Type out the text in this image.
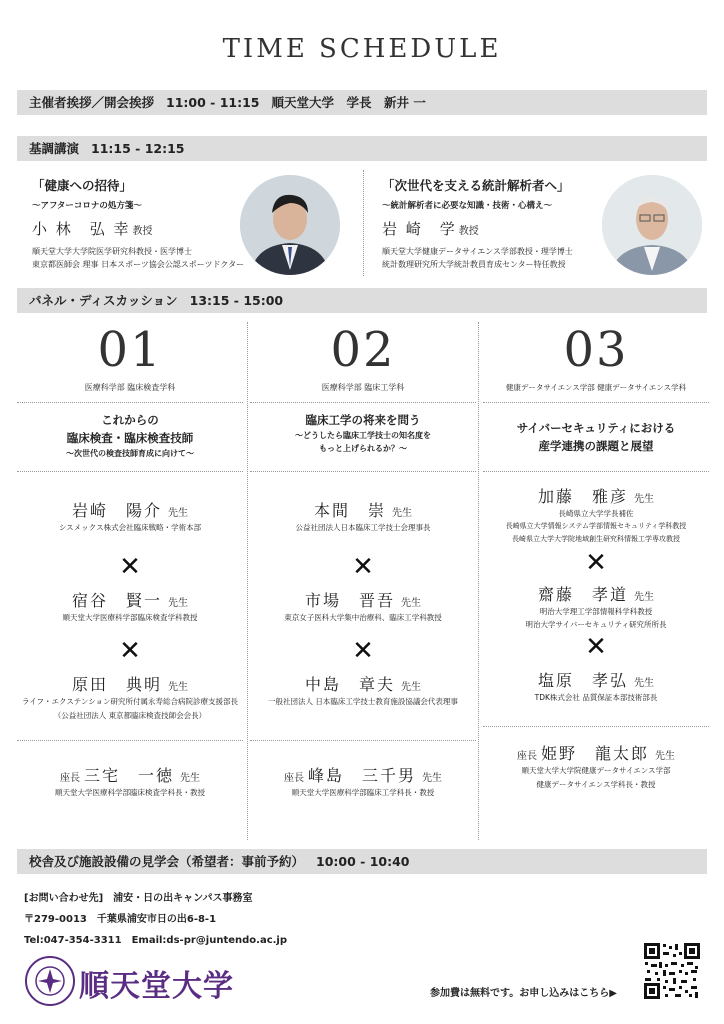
TIME SCHEDULE
主催者挨拶／開会挨拶 11:00 - 11:15 順天堂大学　学長　新井 一
基調講演 11:15 - 12:15
「健康への招待」
〜アフターコロナの処方箋〜
小 林　弘 幸 教授
順天堂大学大学院医学研究科教授・医学博士
東京都医師会 理事 日本スポーツ協会公認スポーツドクター
「次世代を支える統計解析者へ」
〜統計解析者に必要な知識・技術・心構え〜
岩 崎　学 教授
順天堂大学健康データサイエンス学部教授・理学博士
統計数理研究所大学統計教員育成センター特任教授
パネル・ディスカッション 13:15 - 15:00
01
医療科学部 臨床検査学科
これからの
臨床検査・臨床検査技師
〜次世代の検査技師育成に向けて〜
岩崎　陽介 先生
シスメックス株式会社臨床戦略・学術本部
✕
宿谷　賢一 先生
順天堂大学医療科学部臨床検査学科教授
✕
原田　典明 先生
ライフ・エクステンション研究所付属永寿総合病院診療支援部長
（公益社団法人 東京都臨床検査技師会会長）
座長 三宅　一徳 先生
順天堂大学医療科学部臨床検査学科長・教授
02
医療科学部 臨床工学科
臨床工学の将来を問う
〜どうしたら臨床工学技士の知名度を
もっと上げられるか？〜
本間　崇 先生
公益社団法人日本臨床工学技士会理事長
✕
市場　晋吾 先生
東京女子医科大学集中治療科、臨床工学科教授
✕
中島　章夫 先生
一般社団法人 日本臨床工学技士教育施設協議会代表理事
座長 峰島　三千男 先生
順天堂大学医療科学部臨床工学科長・教授
03
健康データサイエンス学部 健康データサイエンス学科
サイバーセキュリティにおける
産学連携の課題と展望
加藤　雅彦 先生
長崎県立大学学長補佐
長崎県立大学情報システム学部情報セキュリティ学科教授
長崎県立大学大学院地域創生研究科情報工学専攻教授
✕
齋藤　孝道 先生
明治大学理工学部情報科学科教授
明治大学サイバーセキュリティ研究所所長
✕
塩原　孝弘 先生
TDK株式会社 品質保証本部技術部長
座長 姫野　龍太郎 先生
順天堂大学大学院健康データサイエンス学部
健康データサイエンス学科長・教授
校舎及び施設設備の見学会（希望者：事前予約） 10:00 - 10:40
[お問い合わせ先]　浦安・日の出キャンパス事務室
〒279-0013　千葉県浦安市日の出6-8-1
Tel:047-354-3311　Email:ds-pr@juntendo.ac.jp
順天堂大学	参加費は無料です。お申し込みはこちら▶
